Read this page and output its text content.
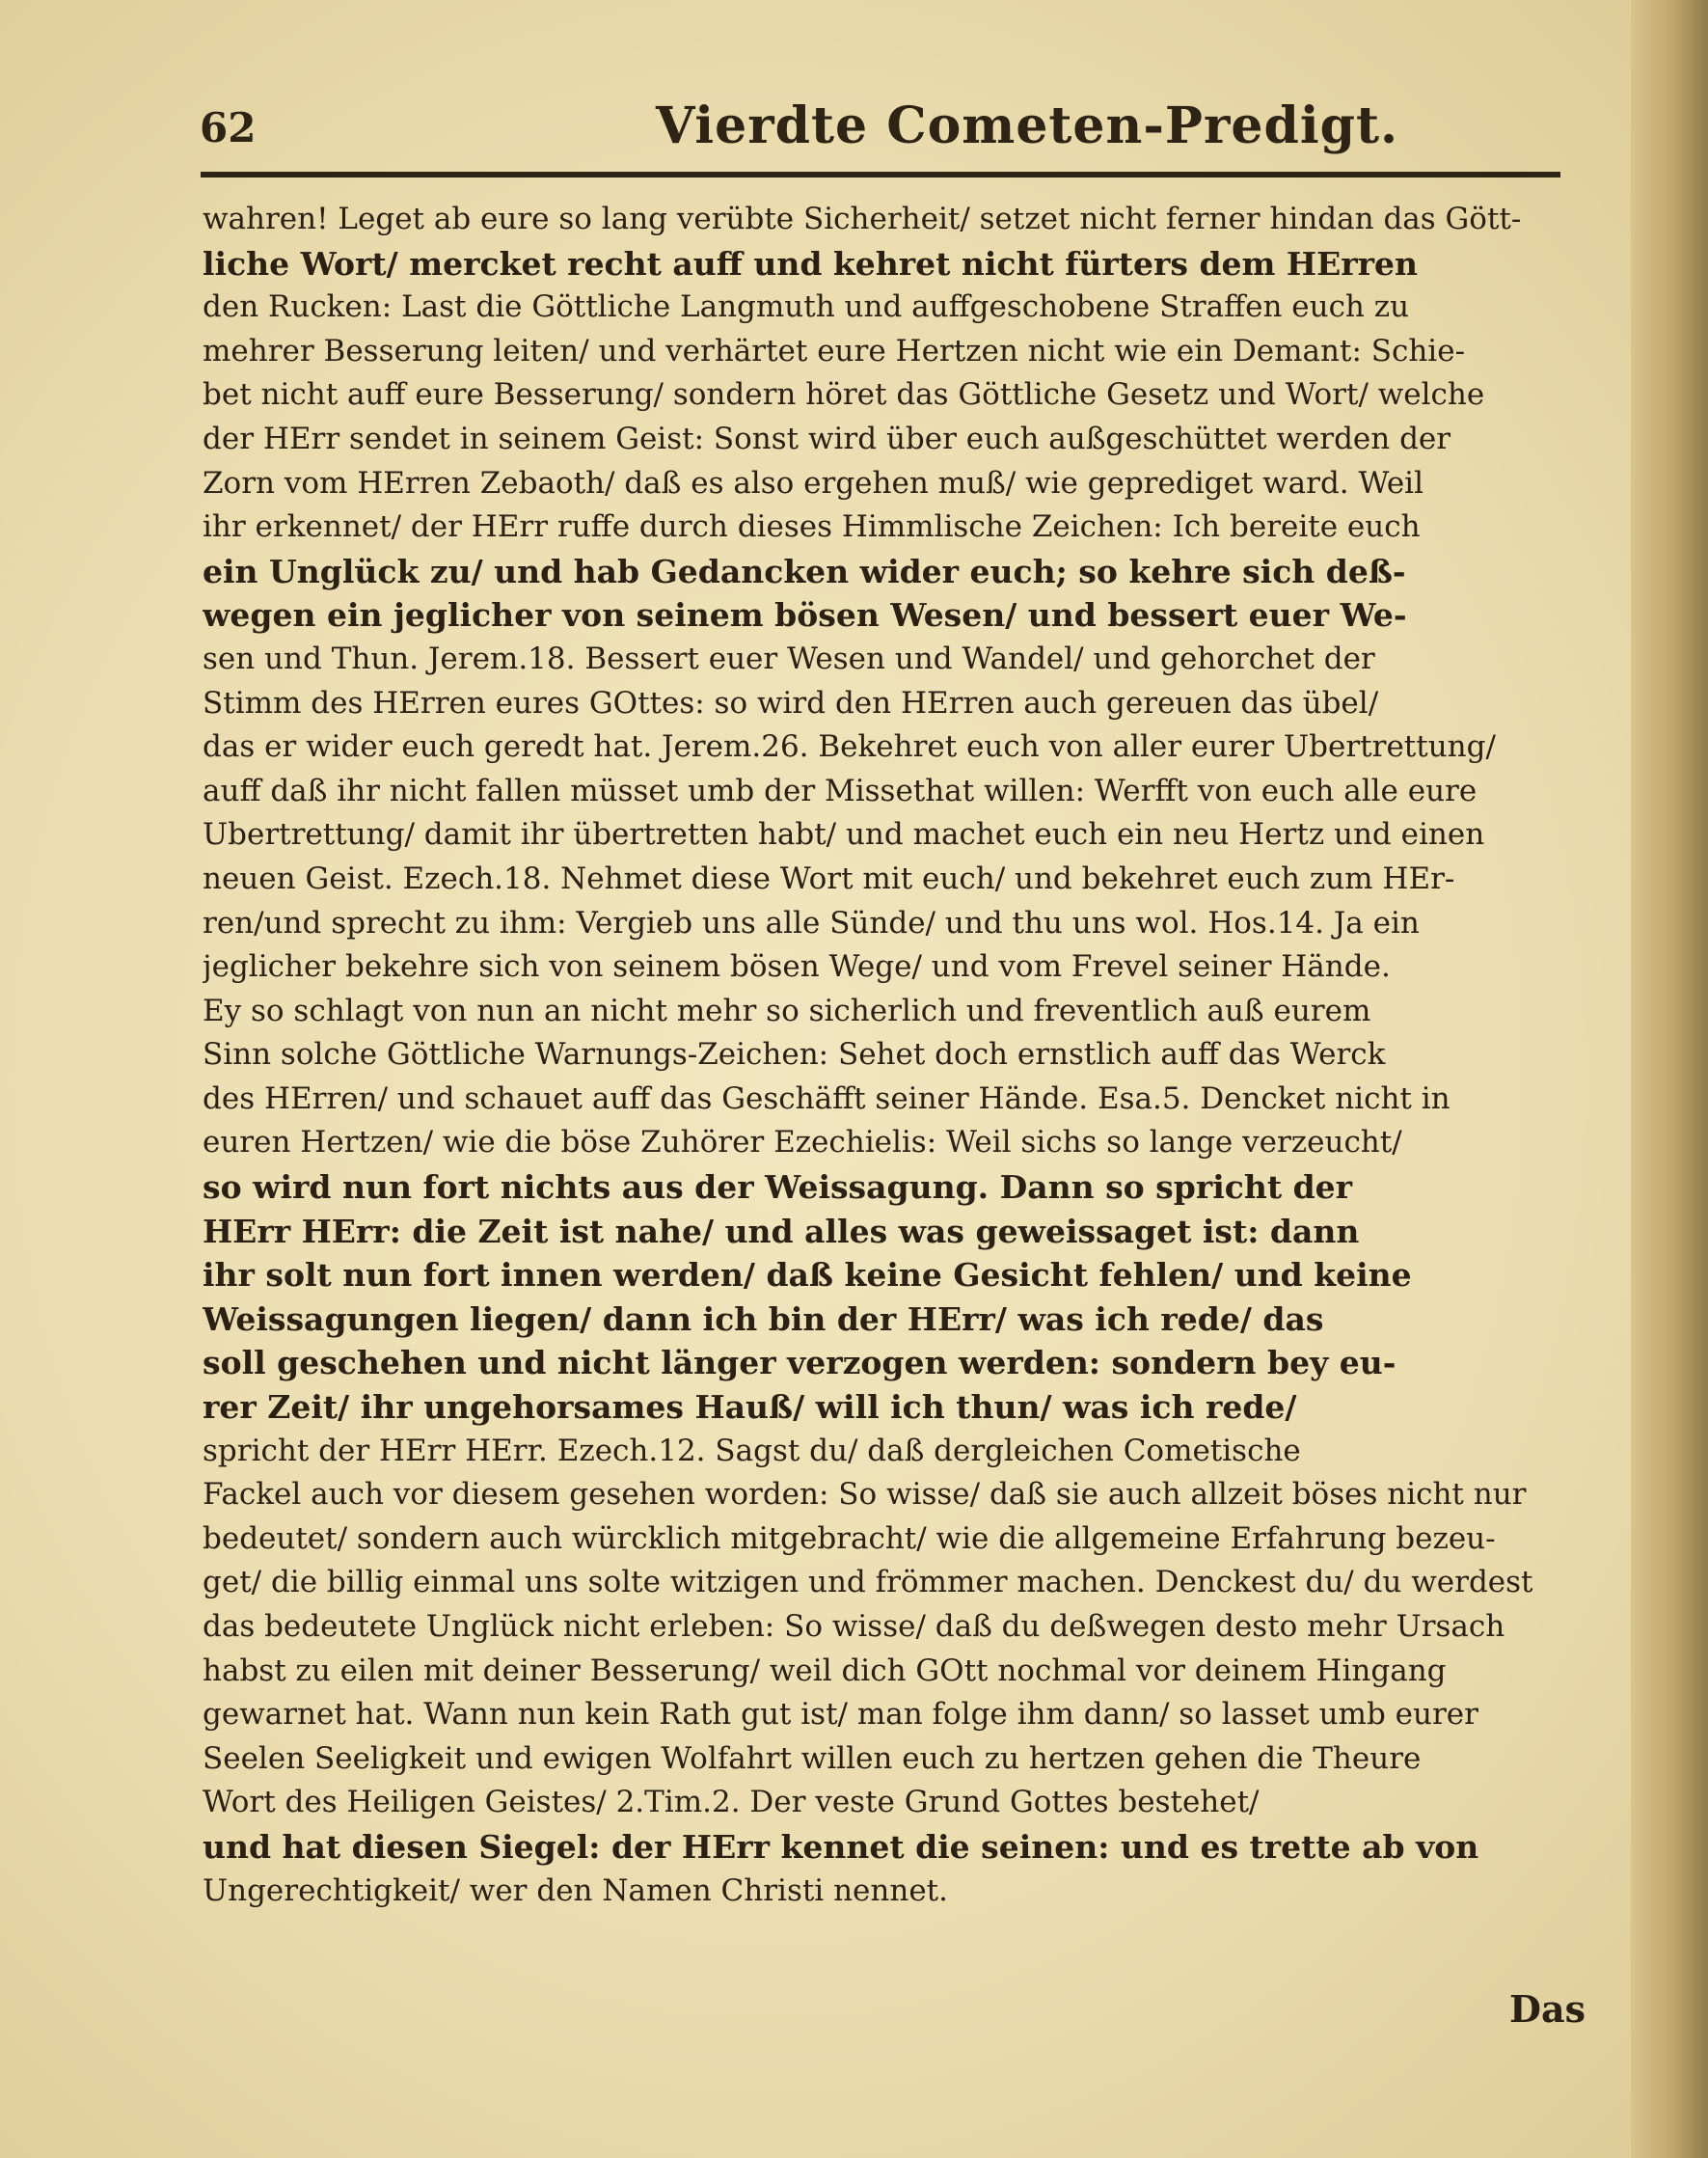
62	Vierdte Cometen-Predigt.
wahren! Leget ab eure so lang verübte Sicherheit/ setzet nicht ferner hindan das Gött-
liche Wort/ mercket recht auff und kehret nicht fürters dem HErren
den Rucken: Last die Göttliche Langmuth und auffgeschobene Straffen euch zu
mehrer Besserung leiten/ und verhärtet eure Hertzen nicht wie ein Demant: Schie-
bet nicht auff eure Besserung/ sondern höret das Göttliche Gesetz und Wort/ welche
der HErr sendet in seinem Geist: Sonst wird über euch außgeschüttet werden der
Zorn vom HErren Zebaoth/ daß es also ergehen muß/ wie geprediget ward. Weil
ihr erkennet/ der HErr ruffe durch dieses Himmlische Zeichen: Ich bereite euch
ein Unglück zu/ und hab Gedancken wider euch; so kehre sich deß-
wegen ein jeglicher von seinem bösen Wesen/ und bessert euer We-
sen und Thun. Jerem.18. Bessert euer Wesen und Wandel/ und gehorchet der
Stimm des HErren eures GOttes: so wird den HErren auch gereuen das übel/
das er wider euch geredt hat. Jerem.26. Bekehret euch von aller eurer Ubertrettung/
auff daß ihr nicht fallen müsset umb der Missethat willen: Werfft von euch alle eure
Ubertrettung/ damit ihr übertretten habt/ und machet euch ein neu Hertz und einen
neuen Geist. Ezech.18. Nehmet diese Wort mit euch/ und bekehret euch zum HEr-
ren/und sprecht zu ihm: Vergieb uns alle Sünde/ und thu uns wol. Hos.14. Ja ein
jeglicher bekehre sich von seinem bösen Wege/ und vom Frevel seiner Hände.
Ey so schlagt von nun an nicht mehr so sicherlich und freventlich auß eurem
Sinn solche Göttliche Warnungs-Zeichen: Sehet doch ernstlich auff das Werck
des HErren/ und schauet auff das Geschäfft seiner Hände. Esa.5. Dencket nicht in
euren Hertzen/ wie die böse Zuhörer Ezechielis: Weil sichs so lange verzeucht/
so wird nun fort nichts aus der Weissagung. Dann so spricht der
HErr HErr: die Zeit ist nahe/ und alles was geweissaget ist: dann
ihr solt nun fort innen werden/ daß keine Gesicht fehlen/ und keine
Weissagungen liegen/ dann ich bin der HErr/ was ich rede/ das
soll geschehen und nicht länger verzogen werden: sondern bey eu-
rer Zeit/ ihr ungehorsames Hauß/ will ich thun/ was ich rede/
spricht der HErr HErr. Ezech.12. Sagst du/ daß dergleichen Cometische
Fackel auch vor diesem gesehen worden: So wisse/ daß sie auch allzeit böses nicht nur
bedeutet/ sondern auch würcklich mitgebracht/ wie die allgemeine Erfahrung bezeu-
get/ die billig einmal uns solte witzigen und frömmer machen. Denckest du/ du werdest
das bedeutete Unglück nicht erleben: So wisse/ daß du deßwegen desto mehr Ursach
habst zu eilen mit deiner Besserung/ weil dich GOtt nochmal vor deinem Hingang
gewarnet hat. Wann nun kein Rath gut ist/ man folge ihm dann/ so lasset umb eurer
Seelen Seeligkeit und ewigen Wolfahrt willen euch zu hertzen gehen die Theure
Wort des Heiligen Geistes/ 2.Tim.2. Der veste Grund Gottes bestehet/
und hat diesen Siegel: der HErr kennet die seinen: und es trette ab von
Ungerechtigkeit/ wer den Namen Christi nennet.
Das
